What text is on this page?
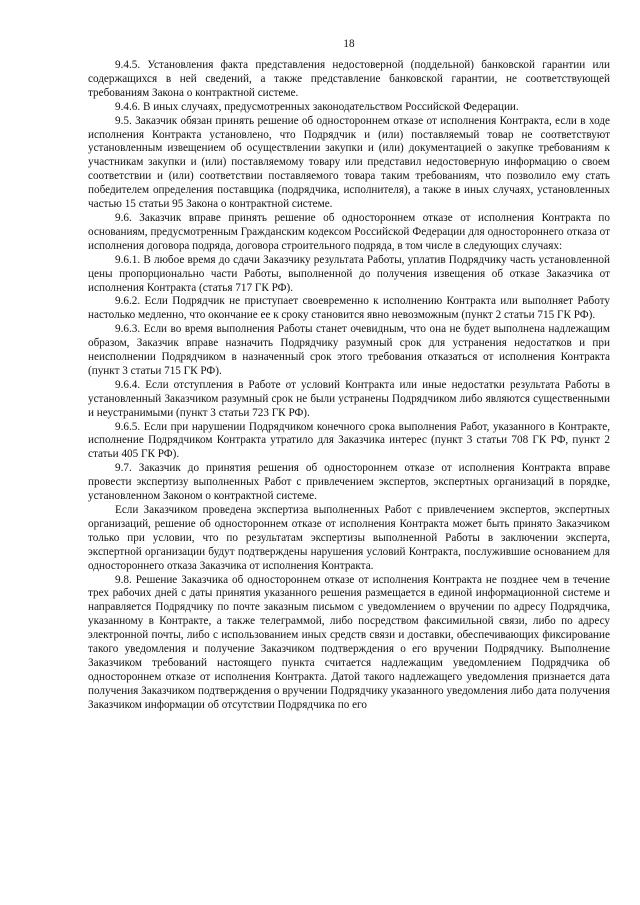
18

9.4.5. Установления факта представления недостоверной (поддельной) банковской гарантии или содержащихся в ней сведений, а также представление банковской гарантии, не соответствующей требованиям Закона о контрактной системе.

9.4.6. В иных случаях, предусмотренных законодательством Российской Федерации.

9.5. Заказчик обязан принять решение об одностороннем отказе от исполнения Контракта, если в ходе исполнения Контракта установлено, что Подрядчик и (или) поставляемый товар не соответствуют установленным извещением об осуществлении закупки и (или) документацией о закупке требованиям к участникам закупки и (или) поставляемому товару или представил недостоверную информацию о своем соответствии и (или) соответствии поставляемого товара таким требованиям, что позволило ему стать победителем определения поставщика (подрядчика, исполнителя), а также в иных случаях, установленных частью 15 статьи 95 Закона о контрактной системе.

9.6. Заказчик вправе принять решение об одностороннем отказе от исполнения Контракта по основаниям, предусмотренным Гражданским кодексом Российской Федерации для одностороннего отказа от исполнения договора подряда, договора строительного подряда, в том числе в следующих случаях:

9.6.1. В любое время до сдачи Заказчику результата Работы, уплатив Подрядчику часть установленной цены пропорционально части Работы, выполненной до получения извещения об отказе Заказчика от исполнения Контракта (статья 717 ГК РФ).

9.6.2. Если Подрядчик не приступает своевременно к исполнению Контракта или выполняет Работу настолько медленно, что окончание ее к сроку становится явно невозможным (пункт 2 статьи 715 ГК РФ).

9.6.3. Если во время выполнения Работы станет очевидным, что она не будет выполнена надлежащим образом, Заказчик вправе назначить Подрядчику разумный срок для устранения недостатков и при неисполнении Подрядчиком в назначенный срок этого требования отказаться от исполнения Контракта (пункт 3 статьи 715 ГК РФ).

9.6.4. Если отступления в Работе от условий Контракта или иные недостатки результата Работы в установленный Заказчиком разумный срок не были устранены Подрядчиком либо являются существенными и неустранимыми (пункт 3 статьи 723 ГК РФ).

9.6.5. Если при нарушении Подрядчиком конечного срока выполнения Работ, указанного в Контракте, исполнение Подрядчиком Контракта утратило для Заказчика интерес (пункт 3 статьи 708 ГК РФ, пункт 2 статьи 405 ГК РФ).

9.7. Заказчик до принятия решения об одностороннем отказе от исполнения Контракта вправе провести экспертизу выполненных Работ с привлечением экспертов, экспертных организаций в порядке, установленном Законом о контрактной системе.

Если Заказчиком проведена экспертиза выполненных Работ с привлечением экспертов, экспертных организаций, решение об одностороннем отказе от исполнения Контракта может быть принято Заказчиком только при условии, что по результатам экспертизы выполненной Работы в заключении эксперта, экспертной организации будут подтверждены нарушения условий Контракта, послужившие основанием для одностороннего отказа Заказчика от исполнения Контракта.

9.8. Решение Заказчика об одностороннем отказе от исполнения Контракта не позднее чем в течение трех рабочих дней с даты принятия указанного решения размещается в единой информационной системе и направляется Подрядчику по почте заказным письмом с уведомлением о вручении по адресу Подрядчика, указанному в Контракте, а также телеграммой, либо посредством факсимильной связи, либо по адресу электронной почты, либо с использованием иных средств связи и доставки, обеспечивающих фиксирование такого уведомления и получение Заказчиком подтверждения о его вручении Подрядчику. Выполнение Заказчиком требований настоящего пункта считается надлежащим уведомлением Подрядчика об одностороннем отказе от исполнения Контракта. Датой такого надлежащего уведомления признается дата получения Заказчиком подтверждения о вручении Подрядчику указанного уведомления либо дата получения Заказчиком информации об отсутствии Подрядчика по его
